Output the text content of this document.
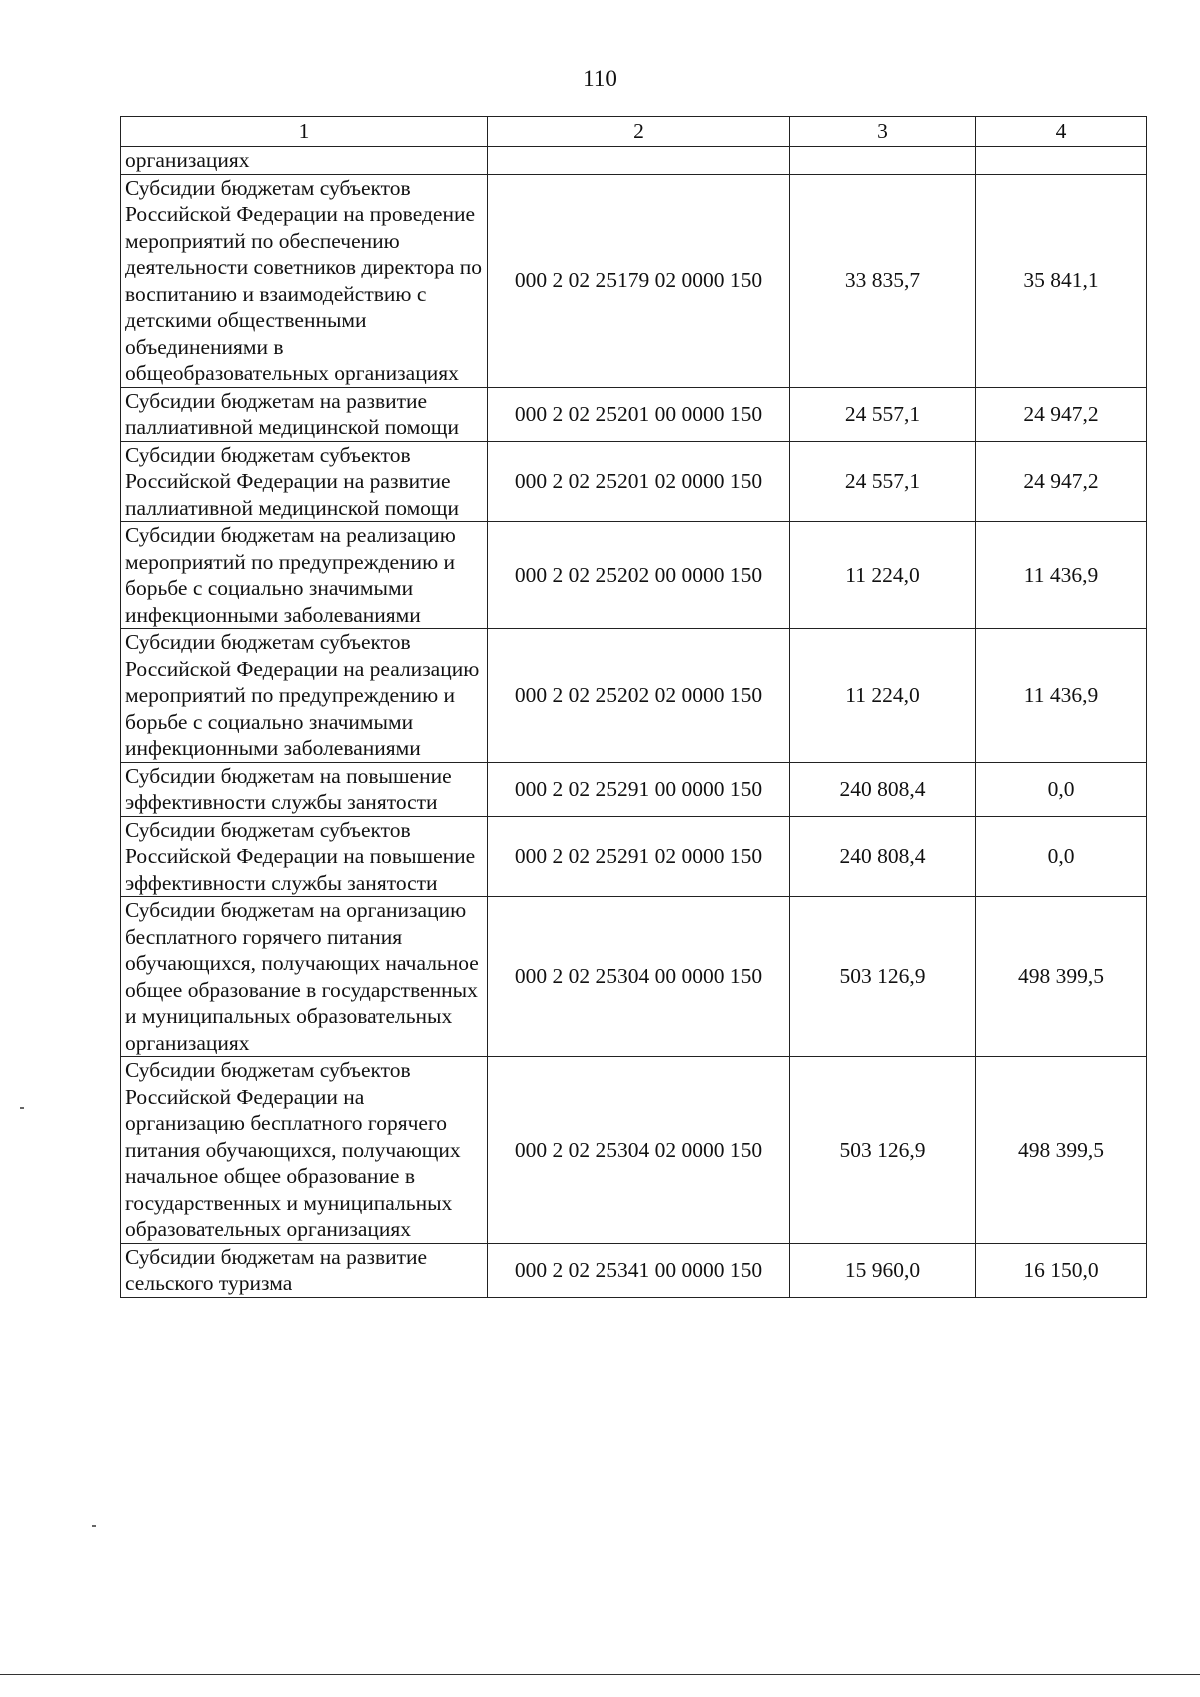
110
1	2	3	4
организациях			
Субсидии бюджетам субъектов Российской Федерации на проведение мероприятий по обеспечению деятельности советников директора по воспитанию и взаимодействию с детскими общественными объединениями в общеобразовательных организациях	000 2 02 25179 02 0000 150	33 835,7	35 841,1
Субсидии бюджетам на развитие паллиативной медицинской помощи	000 2 02 25201 00 0000 150	24 557,1	24 947,2
Субсидии бюджетам субъектов Российской Федерации на развитие паллиативной медицинской помощи	000 2 02 25201 02 0000 150	24 557,1	24 947,2
Субсидии бюджетам на реализацию мероприятий по предупреждению и борьбе с социально значимыми инфекционными заболеваниями	000 2 02 25202 00 0000 150	11 224,0	11 436,9
Субсидии бюджетам субъектов Российской Федерации на реализацию мероприятий по предупреждению и борьбе с социально значимыми инфекционными заболеваниями	000 2 02 25202 02 0000 150	11 224,0	11 436,9
Субсидии бюджетам на повышение эффективности службы занятости	000 2 02 25291 00 0000 150	240 808,4	0,0
Субсидии бюджетам субъектов Российской Федерации на повышение эффективности службы занятости	000 2 02 25291 02 0000 150	240 808,4	0,0
Субсидии бюджетам на организацию бесплатного горячего питания обучающихся, получающих начальное общее образование в государственных и муниципальных образовательных организациях	000 2 02 25304 00 0000 150	503 126,9	498 399,5
Субсидии бюджетам субъектов Российской Федерации на организацию бесплатного горячего питания обучающихся, получающих начальное общее образование в государственных и муниципальных образовательных организациях	000 2 02 25304 02 0000 150	503 126,9	498 399,5
Субсидии бюджетам на развитие сельского туризма	000 2 02 25341 00 0000 150	15 960,0	16 150,0
